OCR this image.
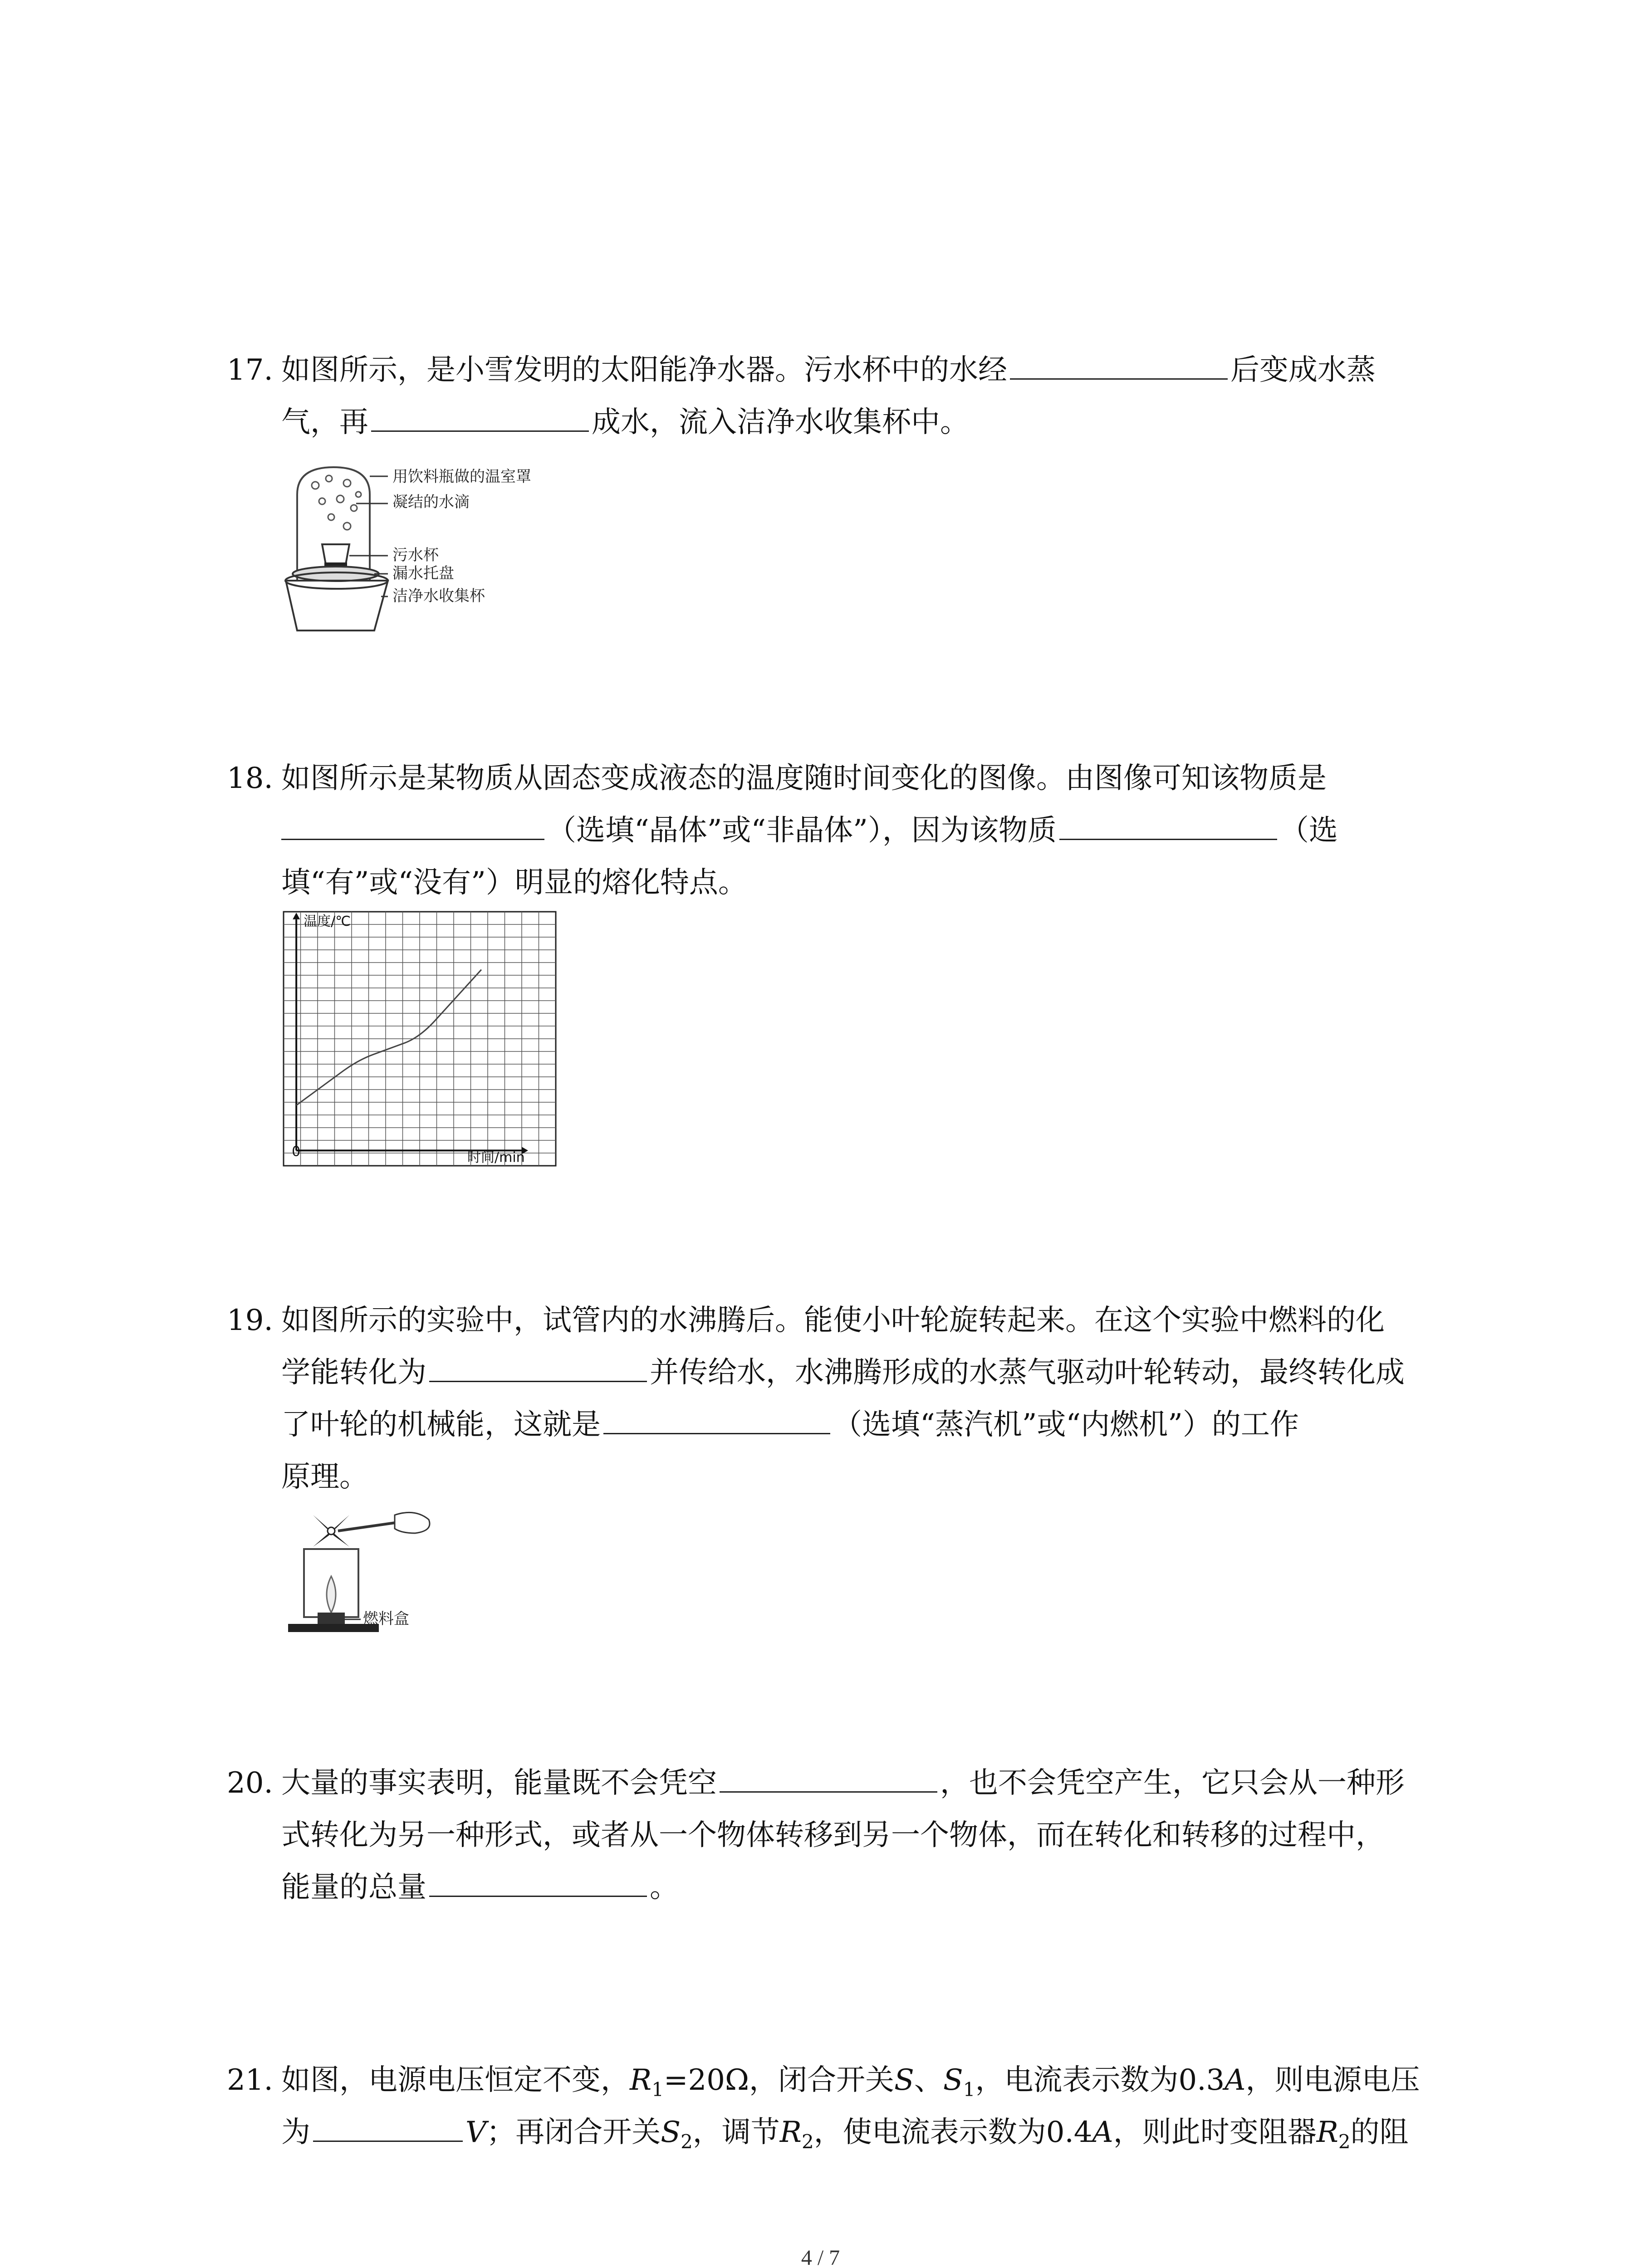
17. 如图所示，是小雪发明的太阳能净水器。污水杯中的水经	后变成水蒸
气，再	成水，流入洁净水收集杯中。
用饮料瓶做的温室罩
凝结的水滴
污水杯
漏水托盘
洁净水收集杯
18. 如图所示是某物质从固态变成液态的温度随时间变化的图像。由图像可知该物质是
（选填“晶体”或“非晶体”），因为该物质	（选
填“有”或“没有”）明显的熔化特点。
温度/℃
时间/min
0
19. 如图所示的实验中，试管内的水沸腾后。能使小叶轮旋转起来。在这个实验中燃料的化
学能转化为	并传给水，水沸腾形成的水蒸气驱动叶轮转动，最终转化成
了叶轮的机械能，这就是	（选填“蒸汽机”或“内燃机”）的工作
原理。
燃料盒
20. 大量的事实表明，能量既不会凭空	，也不会凭空产生，它只会从一种形
式转化为另一种形式，或者从一个物体转移到另一个物体，而在转化和转移的过程中，
能量的总量	。
21. 如图，电源电压恒定不变，$R_1=20\Omega$，闭合开关S、$S_1$，电流表示数为0.3A，则电源电压
为	V；再闭合开关$S_2$，调节$R_2$，使电流表示数为0.4A，则此时变阻器$R_2$的阻
4 / 7
